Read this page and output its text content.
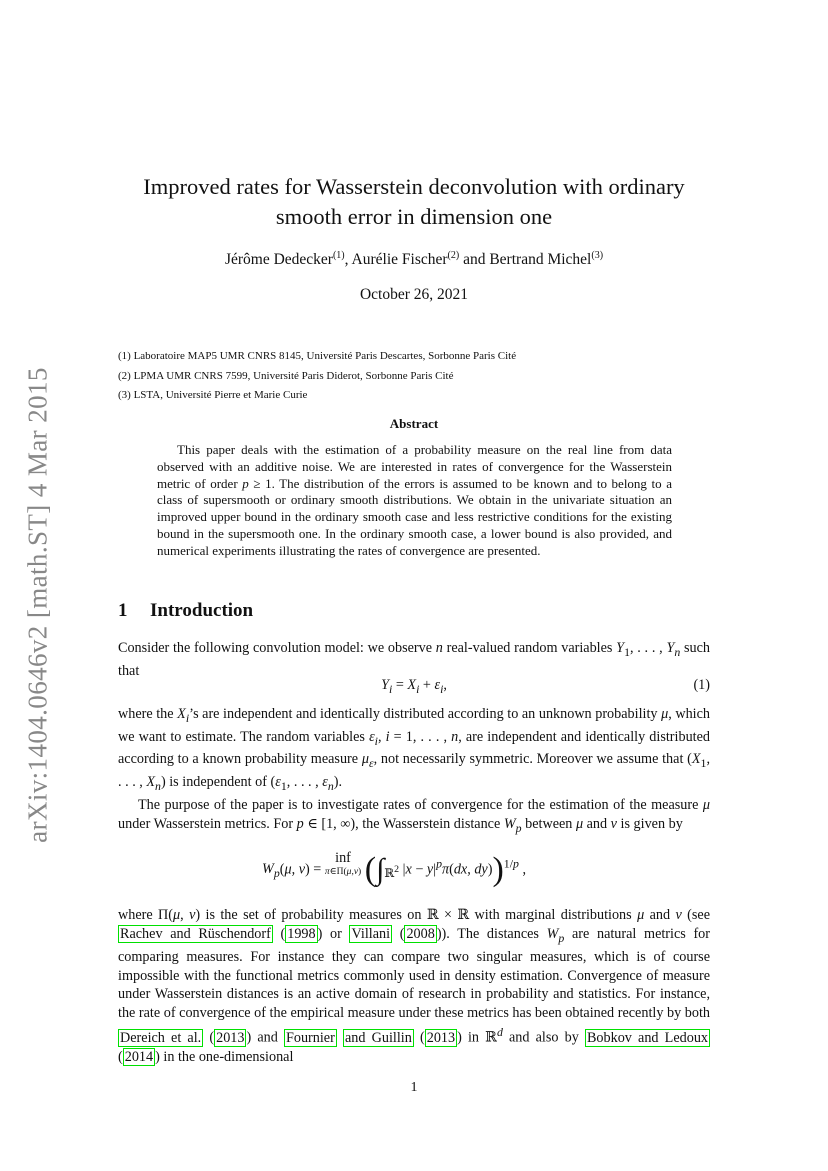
arXiv:1404.0646v2 [math.ST] 4 Mar 2015
Improved rates for Wasserstein deconvolution with ordinary
smooth error in dimension one
Jérôme Dedecker$^{(1)}$, Aurélie Fischer$^{(2)}$ and Bertrand Michel$^{(3)}$
October 26, 2021
(1) Laboratoire MAP5 UMR CNRS 8145, Université Paris Descartes, Sorbonne Paris Cité
(2) LPMA UMR CNRS 7599, Université Paris Diderot, Sorbonne Paris Cité
(3) LSTA, Université Pierre et Marie Curie
Abstract

This paper deals with the estimation of a probability measure on the real line from data observed with an additive noise. We are interested in rates of convergence for the Wasserstein metric of order p ≥ 1. The distribution of the errors is assumed to be known and to belong to a class of supersmooth or ordinary smooth distributions. We obtain in the univariate situation an improved upper bound in the ordinary smooth case and less restrictive conditions for the existing bound in the supersmooth one. In the ordinary smooth case, a lower bound is also provided, and numerical experiments illustrating the rates of convergence are presented.

1 Introduction

Consider the following convolution model: we observe n real-valued random variables $Y_1$, . . . , $Y_n$ such that

$Y_i = X_i + \varepsilon_i$,	(1)

where the $X_i’s$ are independent and identically distributed according to an unknown probability μ, which we want to estimate. The random variables $\varepsilon_i$, i = 1, . . . , n, are independent and identically distributed according to a known probability measure $\mu_\varepsilon$, not necessarily symmetric. Moreover we assume that ($X_1$, . . . , $X_n$) is independent of ($\varepsilon_1$, . . . , $\varepsilon_n$).

The purpose of the paper is to investigate rates of convergence for the estimation of the measure μ under Wasserstein metrics. For p ∈ [1, ∞), the Wasserstein distance $W_p$ between μ and ν is given by

$W_p(\mu$, ν) = inf
π∈Π(μ,ν) ($\int_{ℝ^2}$ $|x - y|^p\pi(dx$, dy))$^{1/p}$ ,

where Π(μ, ν) is the set of probability measures on ℝ × ℝ with marginal distributions μ and ν (see Rachev and Rüschendorf ( 1998 ) or Villani ( 2008 )). The distances $W_p$ are natural metrics for comparing measures. For instance they can compare two singular measures, which is of course impossible with the functional metrics commonly used in density estimation. Convergence of measure under Wasserstein distances is an active domain of research in probability and statistics. For instance, the rate of convergence of the empirical measure under these metrics has been obtained recently by both Dereich et al. ( 2013 ) and Fournier and Guillin ( 2013 ) in ℝ$^d$ and also by Bobkov and Ledoux ( 2014 ) in the one-dimensional

1
